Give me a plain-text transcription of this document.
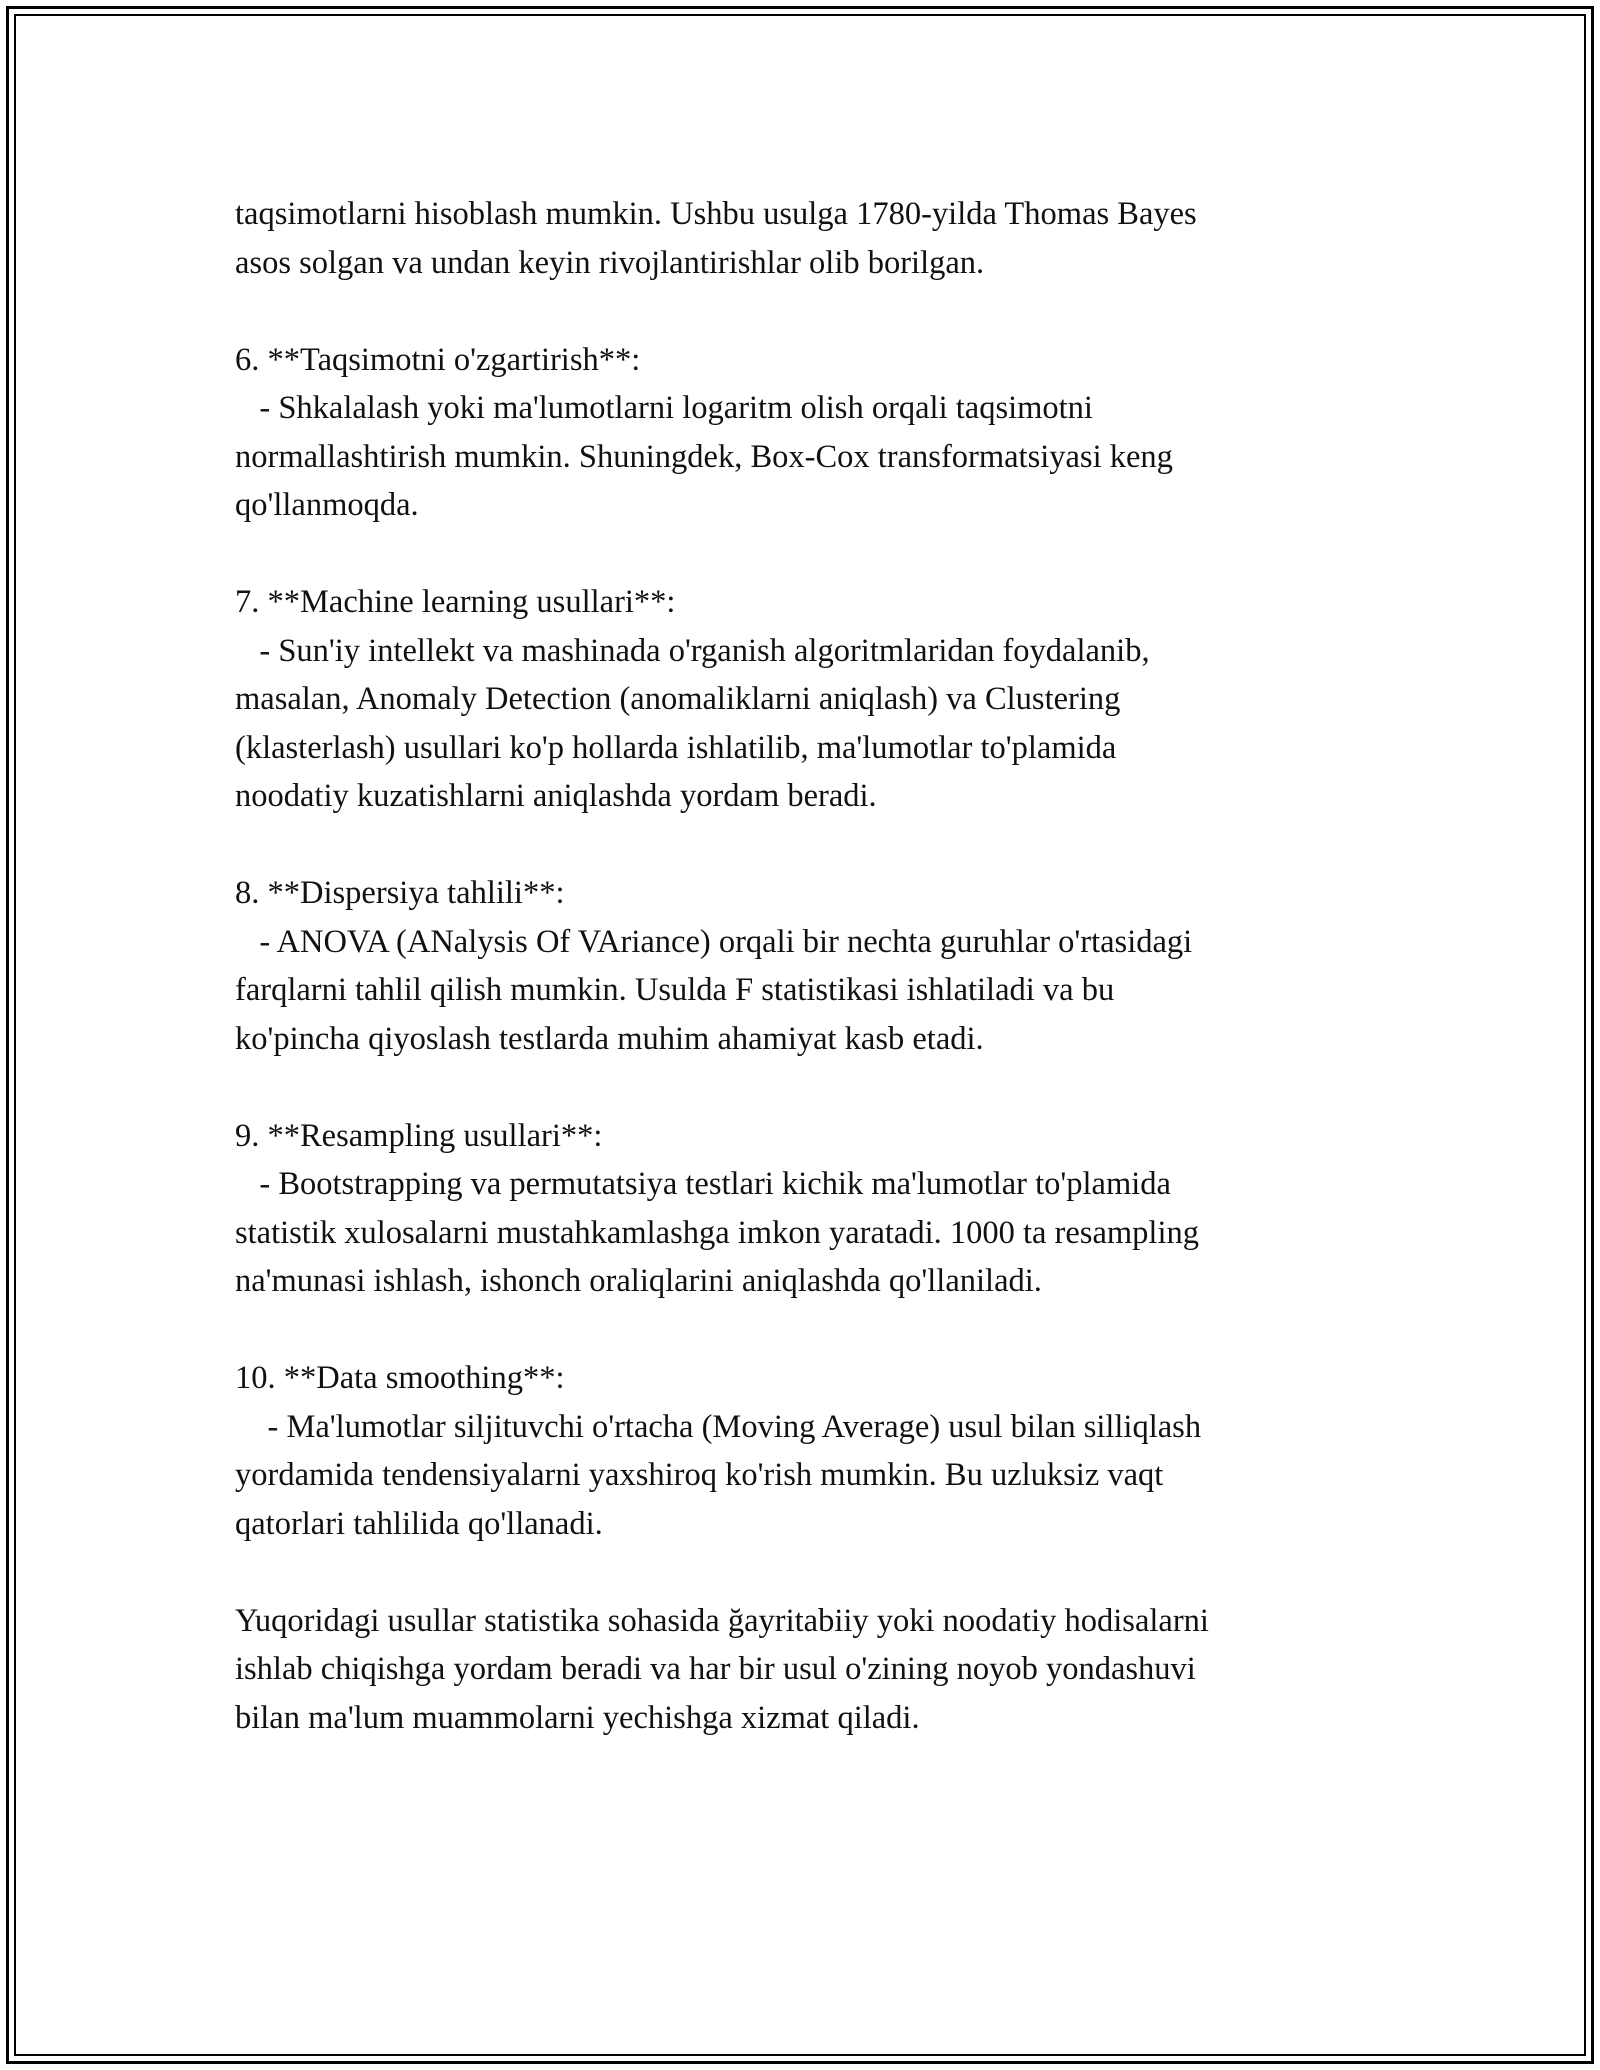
taqsimotlarni hisoblash mumkin. Ushbu usulga 1780-yilda Thomas Bayes
asos solgan va undan keyin rivojlantirishlar olib borilgan.
6. **Taqsimotni o'zgartirish**:
- Shkalalash yoki ma'lumotlarni logaritm olish orqali taqsimotni
normallashtirish mumkin. Shuningdek, Box-Cox transformatsiyasi keng
qo'llanmoqda.
7. **Machine learning usullari**:
- Sun'iy intellekt va mashinada o'rganish algoritmlaridan foydalanib,
masalan, Anomaly Detection (anomaliklarni aniqlash) va Clustering
(klasterlash) usullari ko'p hollarda ishlatilib, ma'lumotlar to'plamida
noodatiy kuzatishlarni aniqlashda yordam beradi.
8. **Dispersiya tahlili**:
- ANOVA (ANalysis Of VAriance) orqali bir nechta guruhlar o'rtasidagi
farqlarni tahlil qilish mumkin. Usulda F statistikasi ishlatiladi va bu
ko'pincha qiyoslash testlarda muhim ahamiyat kasb etadi.
9. **Resampling usullari**:
- Bootstrapping va permutatsiya testlari kichik ma'lumotlar to'plamida
statistik xulosalarni mustahkamlashga imkon yaratadi. 1000 ta resampling
na'munasi ishlash, ishonch oraliqlarini aniqlashda qo'llaniladi.
10. **Data smoothing**:
- Ma'lumotlar siljituvchi o'rtacha (Moving Average) usul bilan silliqlash
yordamida tendensiyalarni yaxshiroq ko'rish mumkin. Bu uzluksiz vaqt
qatorlari tahlilida qo'llanadi.
Yuqoridagi usullar statistika sohasida ğayritabiiy yoki noodatiy hodisalarni
ishlab chiqishga yordam beradi va har bir usul o'zining noyob yondashuvi
bilan ma'lum muammolarni yechishga xizmat qiladi.
